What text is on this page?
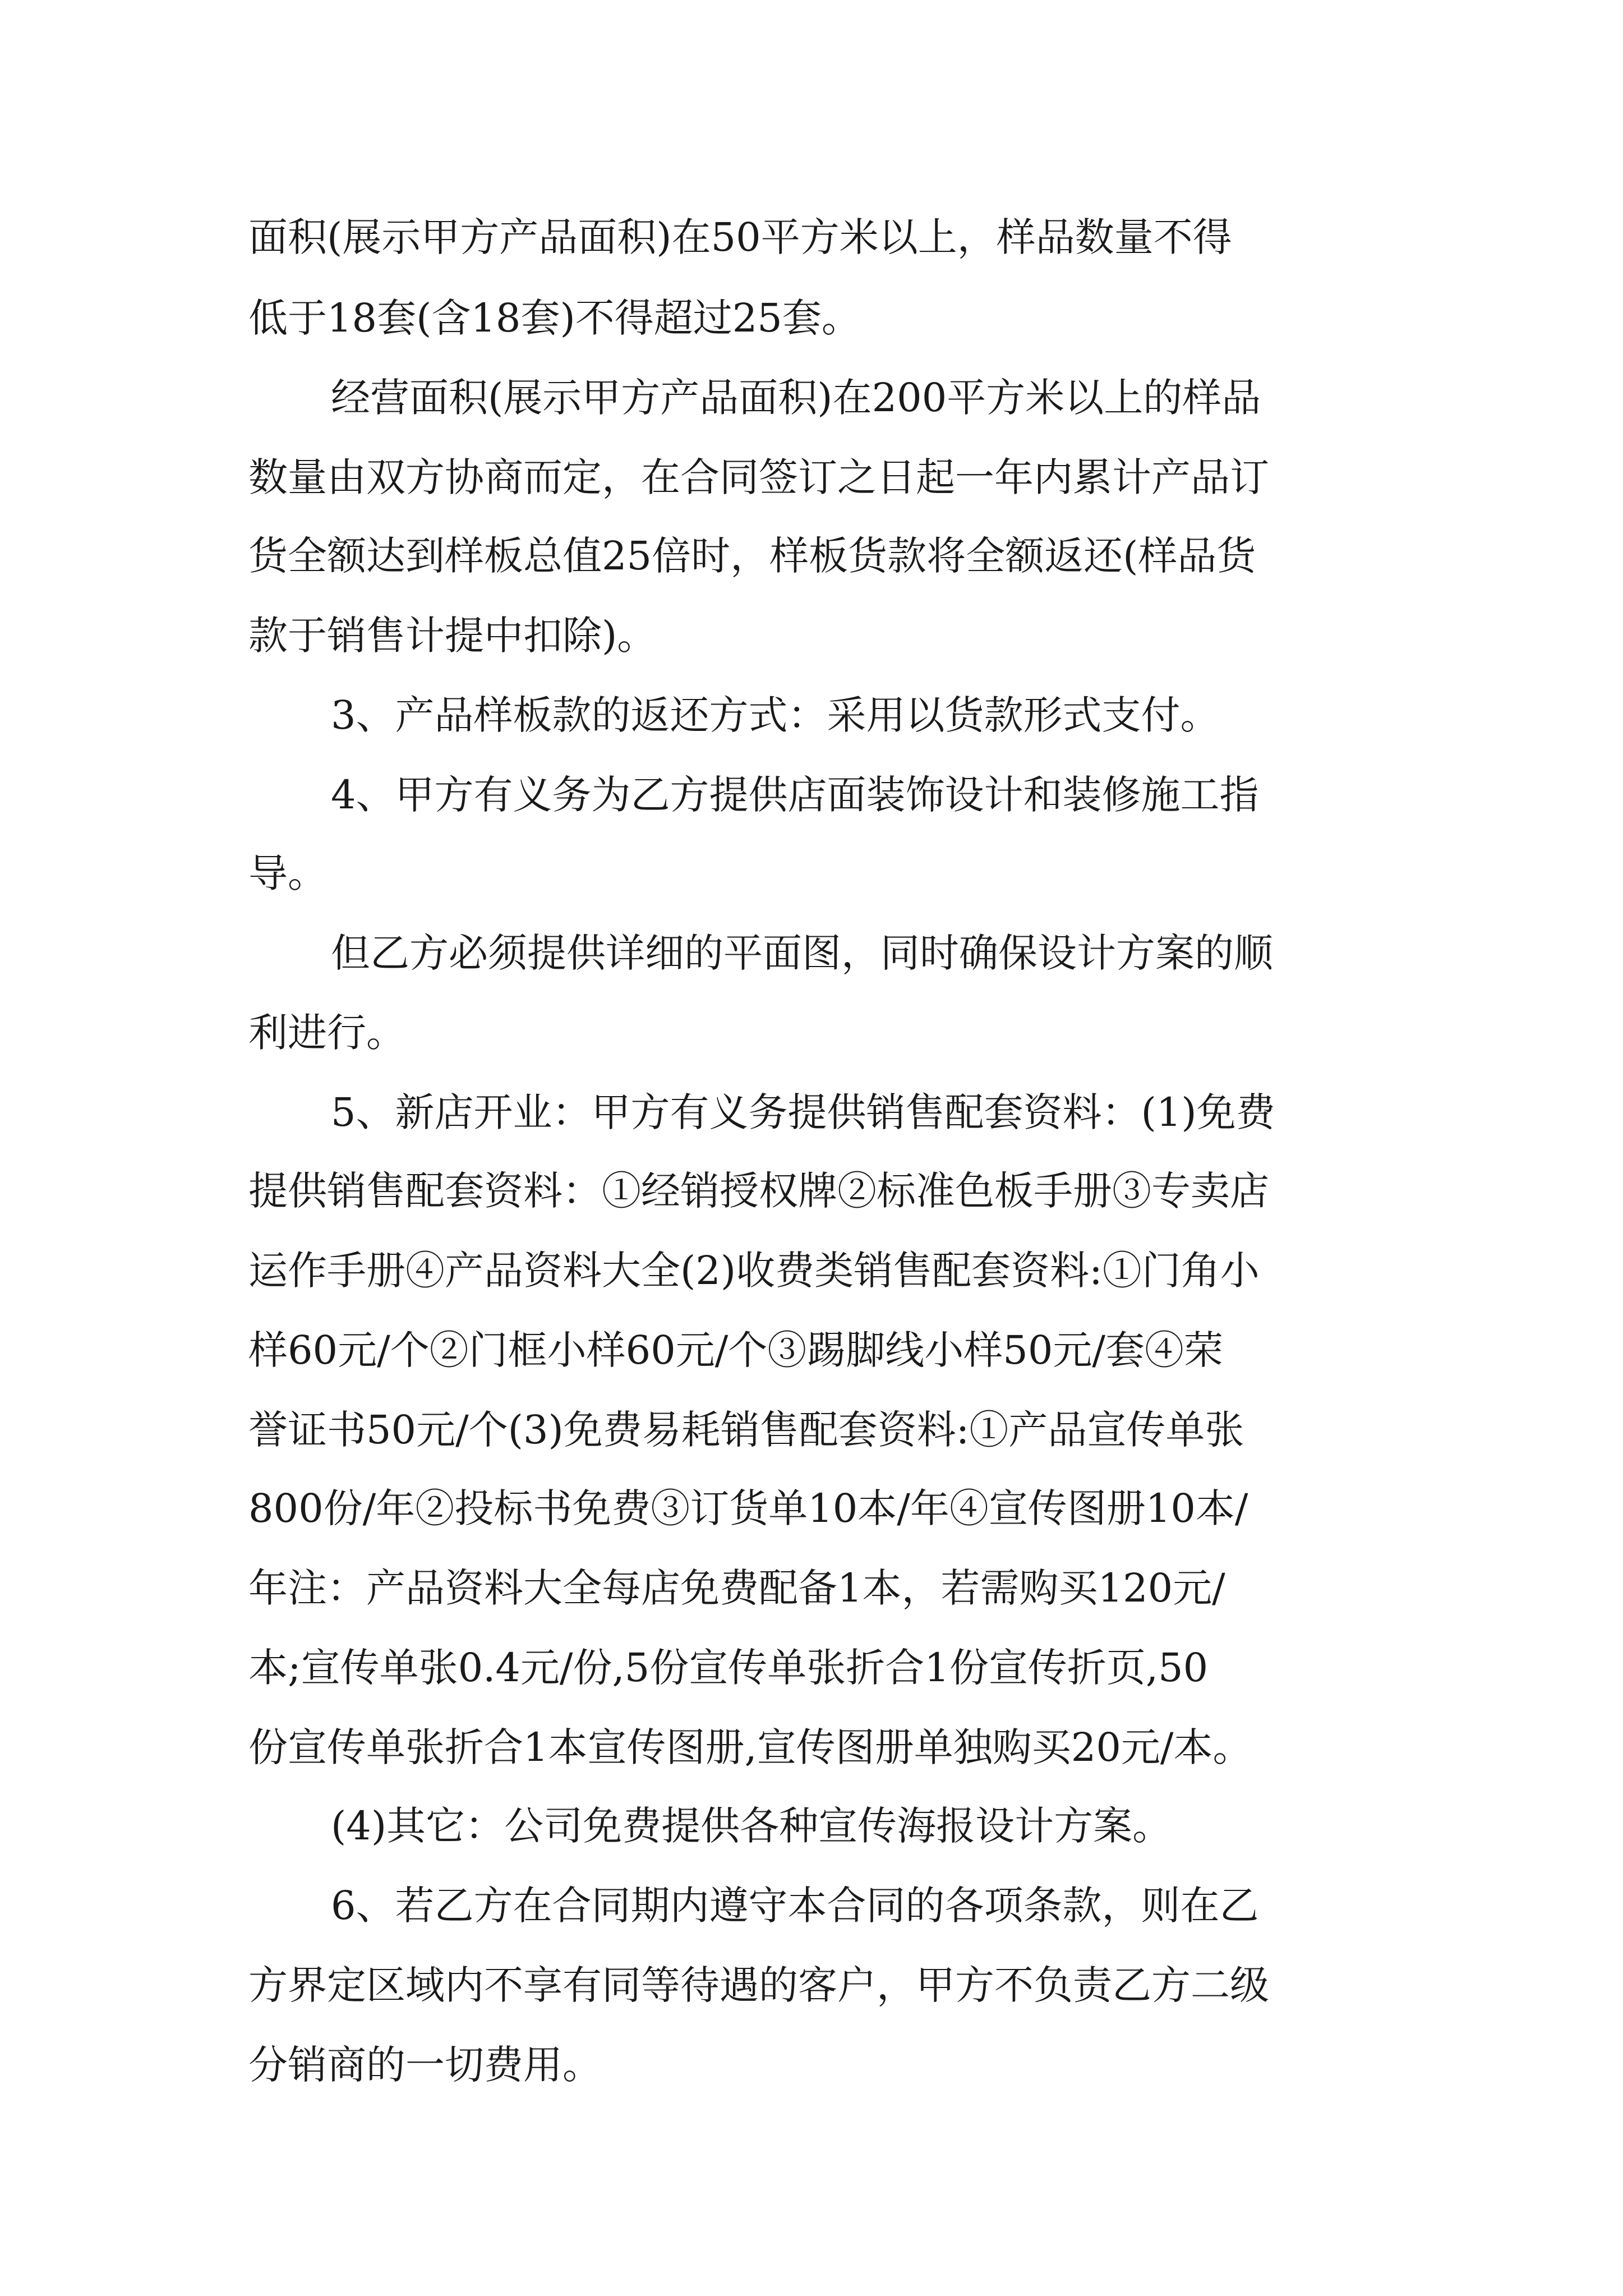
面积(展示甲方产品面积)在50平方米以上，样品数量不得
低于18套(含18套)不得超过25套。
经营面积(展示甲方产品面积)在200平方米以上的样品
数量由双方协商而定，在合同签订之日起一年内累计产品订
货全额达到样板总值25倍时，样板货款将全额返还(样品货
款于销售计提中扣除)。
3、产品样板款的返还方式：采用以货款形式支付。
4、甲方有义务为乙方提供店面装饰设计和装修施工指
导。
但乙方必须提供详细的平面图，同时确保设计方案的顺
利进行。
5、新店开业：甲方有义务提供销售配套资料：(1)免费
提供销售配套资料：①经销授权牌②标准色板手册③专卖店
运作手册④产品资料大全(2)收费类销售配套资料:①门角小
样60元/个②门框小样60元/个③踢脚线小样50元/套④荣
誉证书50元/个(3)免费易耗销售配套资料:①产品宣传单张
800份/年②投标书免费③订货单10本/年④宣传图册10本/
年注：产品资料大全每店免费配备1本，若需购买120元/
本;宣传单张0.4元/份,5份宣传单张折合1份宣传折页,50
份宣传单张折合1本宣传图册,宣传图册单独购买20元/本。
(4)其它：公司免费提供各种宣传海报设计方案。
6、若乙方在合同期内遵守本合同的各项条款，则在乙
方界定区域内不享有同等待遇的客户，甲方不负责乙方二级
分销商的一切费用。
